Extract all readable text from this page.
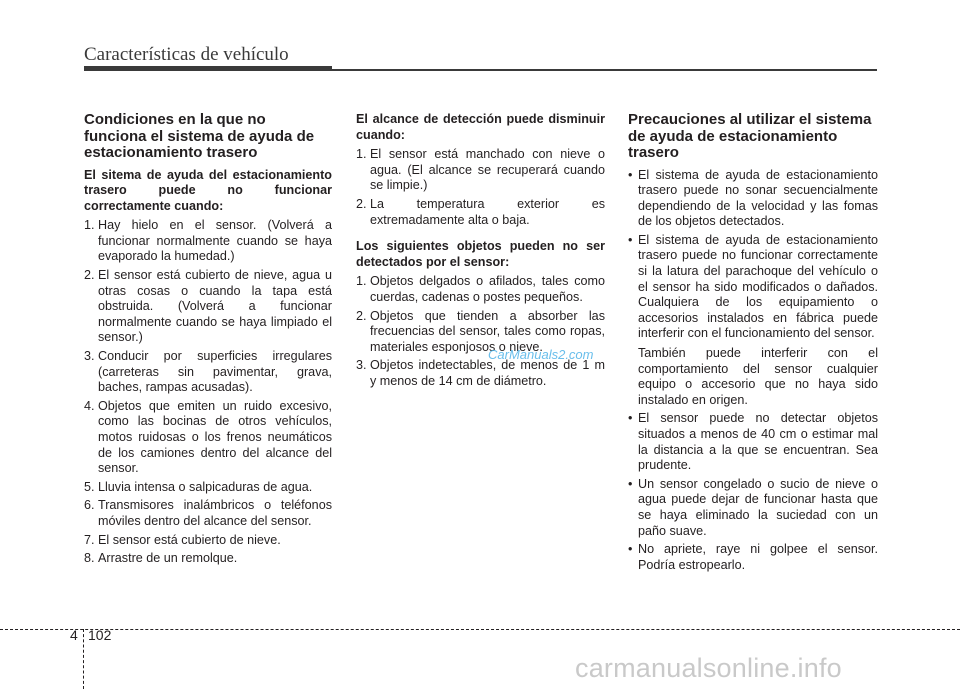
Características de vehículo
Condiciones en la que no funciona el sistema de ayuda de estacionamiento trasero
El sitema de ayuda del estacionamiento trasero puede no funcionar correctamente cuando:
1. Hay hielo en el sensor. (Volverá a funcionar normalmente cuando se haya evaporado la humedad.)
2. El sensor está cubierto de nieve, agua u otras cosas o cuando la tapa está obstruida. (Volverá a funcionar normalmente cuando se haya limpiado el sensor.)
3. Conducir por superficies irregulares (carreteras sin pavimentar, grava, baches, rampas acusadas).
4. Objetos que emiten un ruido excesivo, como las bocinas de otros vehículos, motos ruidosas o los frenos neumáticos de los camiones dentro del alcance del sensor.
5. Lluvia intensa o salpicaduras de agua.
6. Transmisores inalámbricos o teléfonos móviles dentro del alcance del sensor.
7. El sensor está cubierto de nieve.
8. Arrastre de un remolque.
El alcance de detección puede disminuir cuando:
1. El sensor está manchado con nieve o agua. (El alcance se recuperará cuando se limpie.)
2. La temperatura exterior es extremadamente alta o baja.
Los siguientes objetos pueden no ser detectados por el sensor:
1. Objetos delgados o afilados, tales como cuerdas, cadenas o postes pequeños.
2. Objetos que tienden a absorber las frecuencias del sensor, tales como ropas, materiales esponjosos o nieve.
3. Objetos indetectables, de menos de 1 m y menos de 14 cm de diámetro.
Precauciones al utilizar el sistema de ayuda de estacionamiento trasero
• El sistema de ayuda de estacionamiento trasero puede no sonar secuencialmente dependiendo de la velocidad y las fomas de los objetos detectados.
• El sistema de ayuda de estacionamiento trasero puede no funcionar correctamente si la latura del parachoque del vehículo o el sensor ha sido modificados o dañados. Cualquiera de los equipamiento o accesorios instalados en fábrica puede interferir con el funcionamiento del sensor.
También puede interferir con el comportamiento del sensor cualquier equipo o accesorio que no haya sido instalado en origen.
• El sensor puede no detectar objetos situados a menos de 40 cm o estimar mal la distancia a la que se encuentran. Sea prudente.
• Un sensor congelado o sucio de nieve o agua puede dejar de funcionar hasta que se haya eliminado la suciedad con un paño suave.
• No apriete, raye ni golpee el sensor. Podría estropearlo.
CarManuals2.com
4 102
carmanualsonline.info
